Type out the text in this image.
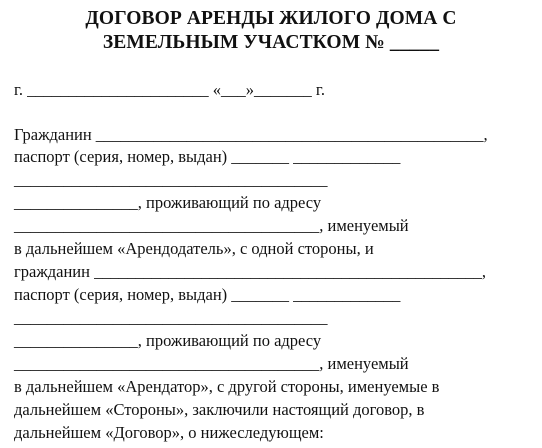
ДОГОВОР АРЕНДЫ ЖИЛОГО ДОМА С
ЗЕМЕЛЬНЫМ УЧАСТКОМ № _____
г. ______________________ «___»_______ г.
Гражданин _______________________________________________,
паспорт (серия, номер, выдан) _______ _____________
______________________________________
_______________, проживающий по адресу
_____________________________________, именуемый
в дальнейшем «Арендодатель», с одной стороны, и
гражданин _______________________________________________,
паспорт (серия, номер, выдан) _______ _____________
______________________________________
_______________, проживающий по адресу
_____________________________________, именуемый
в дальнейшем «Арендатор», с другой стороны, именуемые в
дальнейшем «Стороны», заключили настоящий договор, в
дальнейшем «Договор», о нижеследующем:
